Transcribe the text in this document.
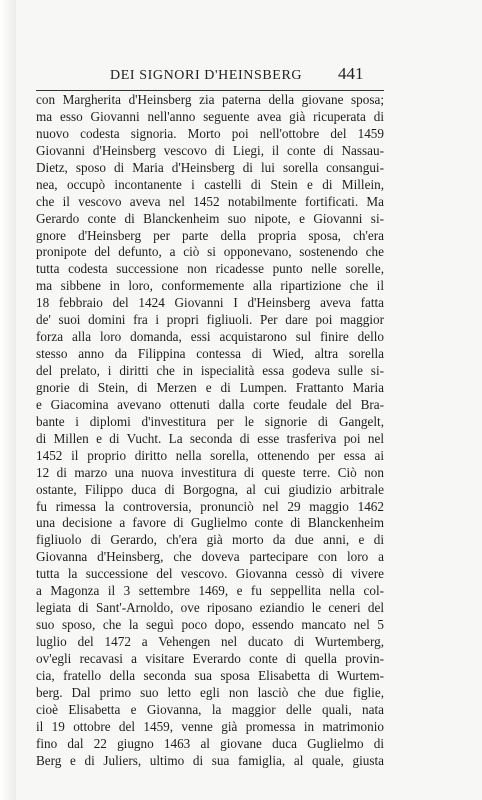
DEI SIGNORI D'HEINSBERG	441
con Margherita d'Heinsberg zia paterna della giovane sposa;
ma esso Giovanni nell'anno seguente avea già ricuperata di
nuovo codesta signoria. Morto poi nell'ottobre del 1459
Giovanni d'Heinsberg vescovo di Liegi, il conte di Nassau-
Dietz, sposo di Maria d'Heinsberg di lui sorella consangui-
nea, occupò incontanente i castelli di Stein e di Millein,
che il vescovo aveva nel 1452 notabilmente fortificati. Ma
Gerardo conte di Blanckenheim suo nipote, e Giovanni si-
gnore d'Heinsberg per parte della propria sposa, ch'era
pronipote del defunto, a ciò si opponevano, sostenendo che
tutta codesta successione non ricadesse punto nelle sorelle,
ma sibbene in loro, conformemente alla ripartizione che il
18 febbraio del 1424 Giovanni I d'Heinsberg aveva fatta
de' suoi domini fra i propri figliuoli. Per dare poi maggior
forza alla loro domanda, essi acquistarono sul finire dello
stesso anno da Filippina contessa di Wied, altra sorella
del prelato, i diritti che in ispecialità essa godeva sulle si-
gnorie di Stein, di Merzen e di Lumpen. Frattanto Maria
e Giacomina avevano ottenuti dalla corte feudale del Bra-
bante i diplomi d'investitura per le signorie di Gangelt,
di Millen e di Vucht. La seconda di esse trasferiva poi nel
1452 il proprio diritto nella sorella, ottenendo per essa ai
12 di marzo una nuova investitura di queste terre. Ciò non
ostante, Filippo duca di Borgogna, al cui giudizio arbitrale
fu rimessa la controversia, pronunciò nel 29 maggio 1462
una decisione a favore di Guglielmo conte di Blanckenheim
figliuolo di Gerardo, ch'era già morto da due anni, e di
Giovanna d'Heinsberg, che doveva partecipare con loro a
tutta la successione del vescovo. Giovanna cessò di vivere
a Magonza il 3 settembre 1469, e fu seppellita nella col-
legiata di Sant'-Arnoldo, ove riposano eziandio le ceneri del
suo sposo, che la seguì poco dopo, essendo mancato nel 5
luglio del 1472 a Vehengen nel ducato di Wurtemberg,
ov'egli recavasi a visitare Everardo conte di quella provin-
cia, fratello della seconda sua sposa Elisabetta di Wurtem-
berg. Dal primo suo letto egli non lasciò che due figlie,
cioè Elisabetta e Giovanna, la maggior delle quali, nata
il 19 ottobre del 1459, venne già promessa in matrimonio
fino dal 22 giugno 1463 al giovane duca Guglielmo di
Berg e di Juliers, ultimo di sua famiglia, al quale, giusta
